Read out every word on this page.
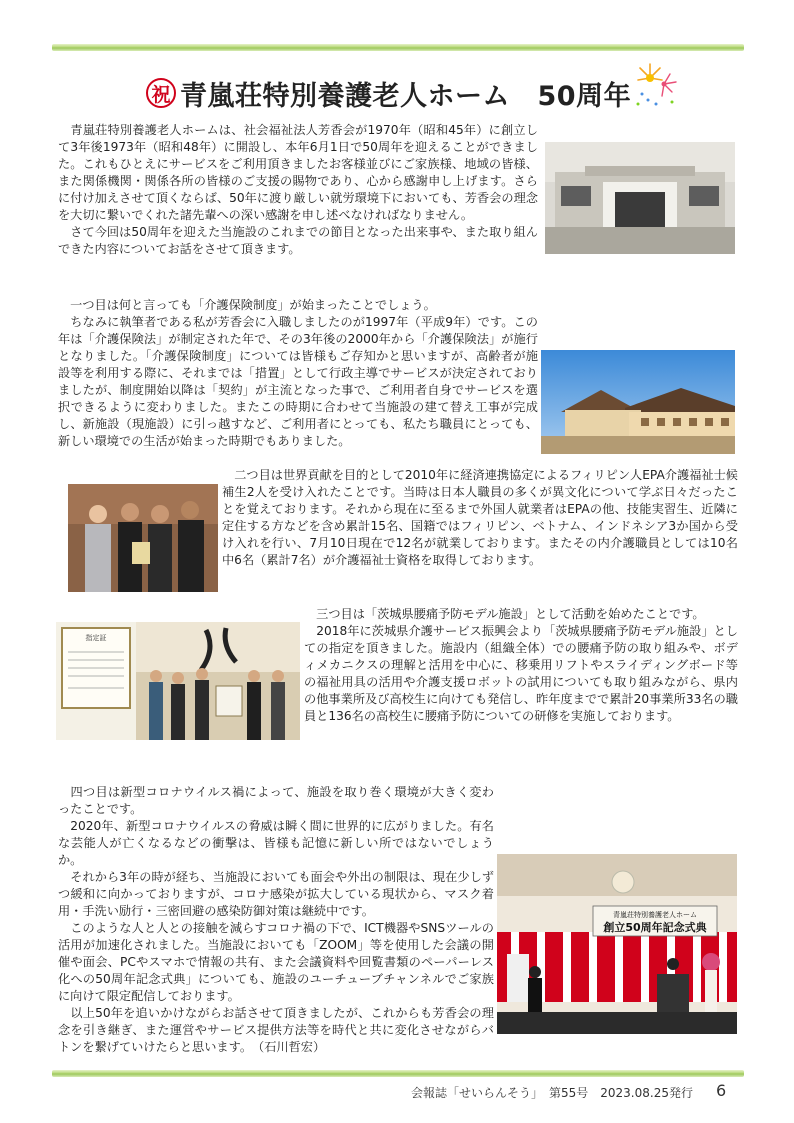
祝 青嵐荘特別養護老人ホーム　50周年
指定証
青嵐荘特別養護老人ホーム
創立50周年記念式典
　青嵐荘特別養護老人ホームは、社会福祉法人芳香会が1970年（昭和45年）に創立して3年後1973年（昭和48年）に開設し、本年6月1日で50周年を迎えることができました。これもひとえにサービスをご利用頂きましたお客様並びにご家族様、地域の皆様、また関係機関・関係各所の皆様のご支援の賜物であり、心から感謝申し上げます。さらに付け加えさせて頂くならば、50年に渡り厳しい就労環境下においても、芳香会の理念を大切に繋いでくれた諸先輩への深い感謝を申し述べなければなりません。
　さて今回は50周年を迎えた当施設のこれまでの節目となった出来事や、また取り組んできた内容についてお話をさせて頂きます。
　一つ目は何と言っても「介護保険制度」が始まったことでしょう。
　ちなみに執筆者である私が芳香会に入職しましたのが1997年（平成9年）です。この年は「介護保険法」が制定された年で、その3年後の2000年から「介護保険法」が施行となりました。「介護保険制度」については皆様もご存知かと思いますが、高齢者が施設等を利用する際に、それまでは「措置」として行政主導でサービスが決定されておりましたが、制度開始以降は「契約」が主流となった事で、ご利用者自身でサービスを選択できるように変わりました。またこの時期に合わせて当施設の建て替え工事が完成し、新施設（現施設）に引っ越すなど、ご利用者にとっても、私たち職員にとっても、新しい環境での生活が始まった時期でもありました。
　二つ目は世界貢献を目的として2010年に経済連携協定によるフィリピン人EPA介護福祉士候補生2人を受け入れたことです。当時は日本人職員の多くが異文化について学ぶ日々だったことを覚えております。それから現在に至るまで外国人就業者はEPAの他、技能実習生、近隣に定住する方などを含め累計15名、国籍ではフィリピン、ベトナム、インドネシア3か国から受け入れを行い、7月10日現在で12名が就業しております。またその内介護職員としては10名中6名（累計7名）が介護福祉士資格を取得しております。
　三つ目は「茨城県腰痛予防モデル施設」として活動を始めたことです。
　2018年に茨城県介護サービス振興会より「茨城県腰痛予防モデル施設」としての指定を頂きました。施設内（組織全体）での腰痛予防の取り組みや、ボディメカニクスの理解と活用を中心に、移乗用リフトやスライディングボード等の福祉用具の活用や介護支援ロボットの試用についても取り組みながら、県内の他事業所及び高校生に向けても発信し、昨年度までで累計20事業所33名の職員と136名の高校生に腰痛予防についての研修を実施しております。
　四つ目は新型コロナウイルス禍によって、施設を取り巻く環境が大きく変わったことです。
　2020年、新型コロナウイルスの脅威は瞬く間に世界的に広がりました。有名な芸能人が亡くなるなどの衝撃は、皆様も記憶に新しい所ではないでしょうか。
　それから3年の時が経ち、当施設においても面会や外出の制限は、現在少しずつ緩和に向かっておりますが、コロナ感染が拡大している現状から、マスク着用・手洗い励行・三密回避の感染防御対策は継続中です。
　このような人と人との接触を減らすコロナ禍の下で、ICT機器やSNSツールの活用が加速化されました。当施設においても「ZOOM」等を使用した会議の開催や面会、PCやスマホで情報の共有、また会議資料や回覧書類のペーパーレス化への50周年記念式典」についても、施設のユーチューブチャンネルでご家族に向けて限定配信しております。
　以上50年を追いかけながらお話させて頂きましたが、これからも芳香会の理念を引き継ぎ、また運営やサービス提供方法等を時代と共に変化させながらバトンを繋げていけたらと思います。　（石川哲宏）
会報誌「せいらんそう」　第55号　2023.08.25発行 6
